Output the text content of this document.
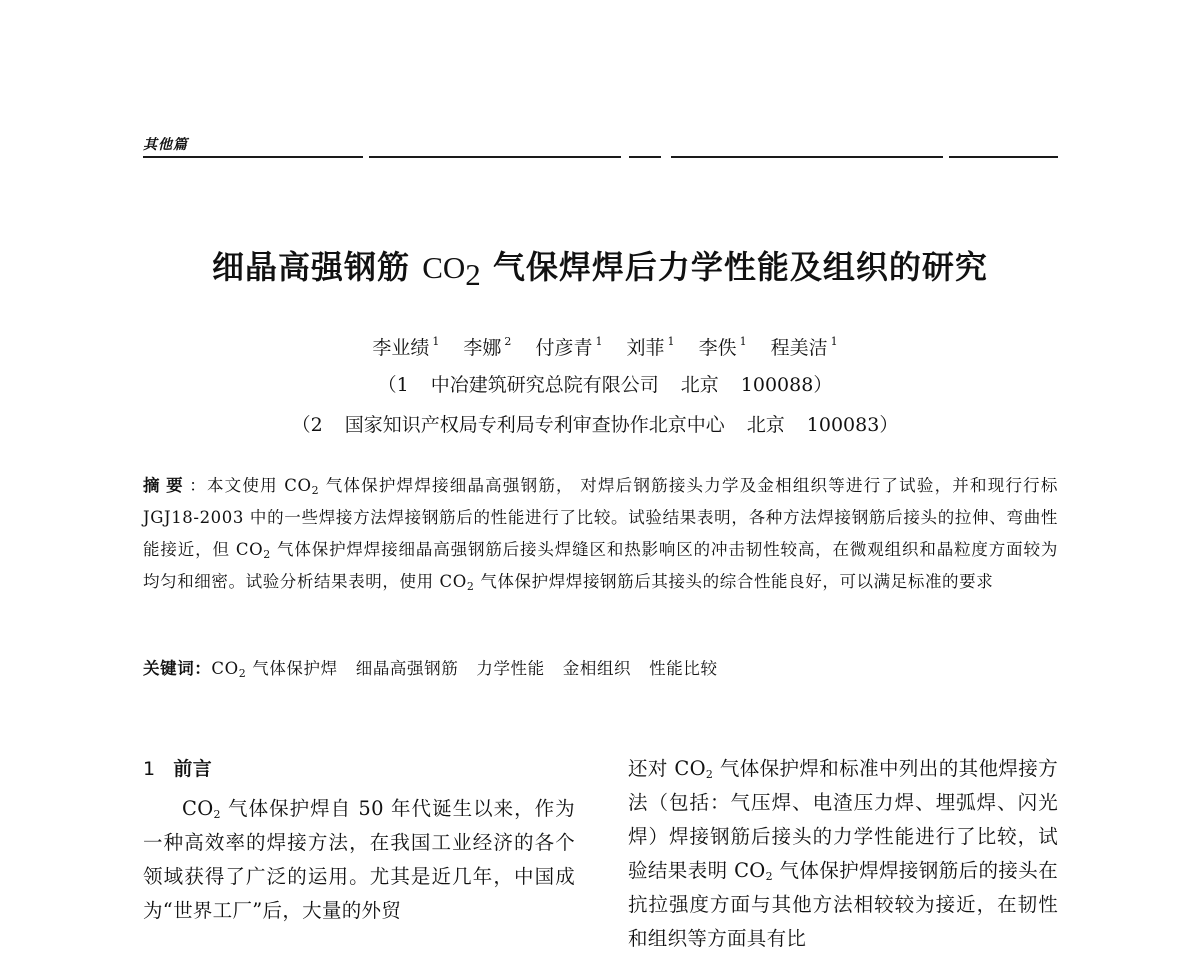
其他篇
细晶高强钢筋 $CO_2$ 气保焊焊后力学性能及组织的研究
李业绩 $^1$ 李娜 $^2$ 付彦青 $^1$ 刘菲 $^1$ 李佚 $^1$ 程美洁 $^1$
（1 中冶建筑研究总院有限公司 北京 100088）
（2 国家知识产权局专利局专利审查协作北京中心 北京 100083）
摘要：本文使用 $CO_2$ 气体保护焊焊接细晶高强钢筋， 对焊后钢筋接头力学及金相组织等进行了试验，并和现行行标 JGJ18-2003 中的一些焊接方法焊接钢筋后的性能进行了比较。试验结果表明，各种方法焊接钢筋后接头的拉伸、弯曲性能接近，但 $CO_2$ 气体保护焊焊接细晶高强钢筋后接头焊缝区和热影响区的冲击韧性较高，在微观组织和晶粒度方面较为均匀和细密。试验分析结果表明，使用 $CO_2$ 气体保护焊焊接钢筋后其接头的综合性能良好，可以满足标准的要求
关键词：$CO_2$ 气体保护焊 细晶高强钢筋 力学性能 金相组织 性能比较
1 前言

$CO_2$ 气体保护焊自 50 年代诞生以来，作为一种高效率的焊接方法，在我国工业经济的各个领域获得了广泛的运用。尤其是近几年，中国成为“世界工厂”后，大量的外贸

还对 $CO_2$ 气体保护焊和标准中列出的其他焊接方法（包括：气压焊、电渣压力焊、埋弧焊、闪光焊）焊接钢筋后接头的力学性能进行了比较，试验结果表明 $CO_2$ 气体保护焊焊接钢筋后的接头在抗拉强度方面与其他方法相较较为接近，在韧性和组织等方面具有比
